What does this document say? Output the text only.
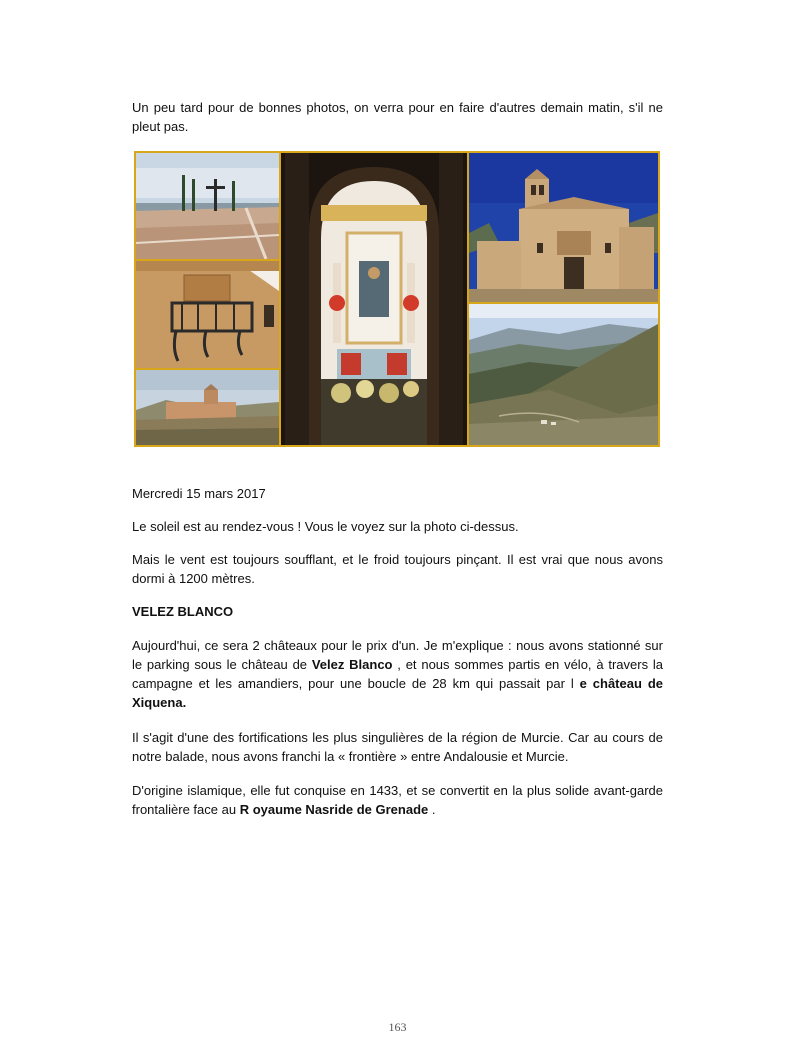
Un peu tard pour de bonnes photos, on verra pour en faire d'autres demain matin, s'il ne pleut pas.

Mercredi 15 mars 2017

Le soleil est au rendez-vous ! Vous le voyez sur la photo ci-dessus.

Mais le vent est toujours soufflant, et le froid toujours pinçant. Il est vrai que nous avons dormi à 1200 mètres.

VELEZ BLANCO

Aujourd'hui, ce sera 2 châteaux pour le prix d'un. Je m'explique : nous avons stationné sur le parking sous le château de Velez Blanco , et nous sommes partis en vélo, à travers la campagne et les amandiers, pour une boucle de 28 km qui passait par l e château de Xiquena.

Il s'agit d'une des fortifications les plus singulières de la région de Murcie. Car au cours de notre balade, nous avons franchi la « frontière » entre Andalousie et Murcie.

D'origine islamique, elle fut conquise en 1433, et se convertit en la plus solide avant-garde frontalière face au R oyaume Nasride de Grenade .

163
